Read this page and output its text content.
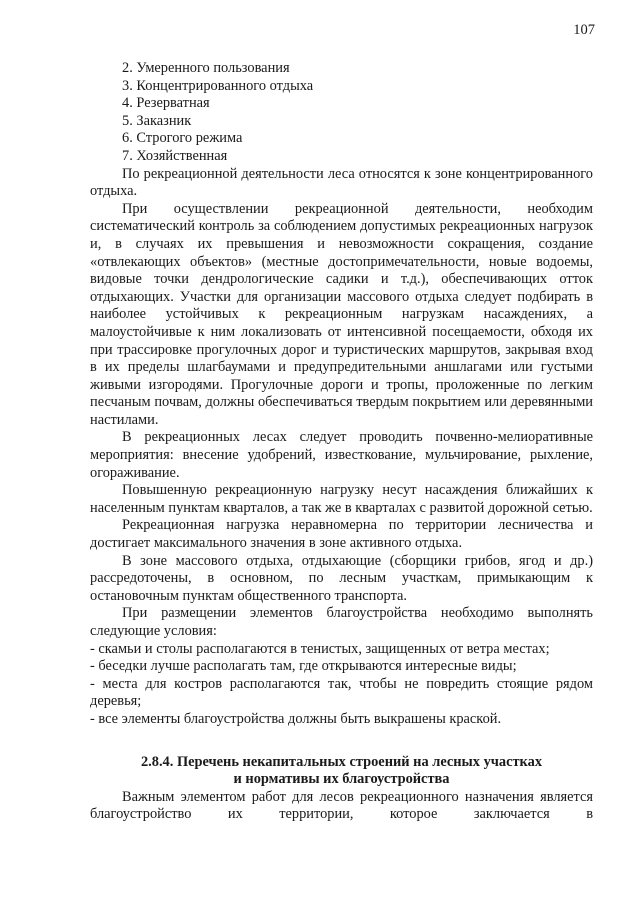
107
2. Умеренного пользования
3. Концентрированного отдыха
4. Резерватная
5. Заказник
6. Строгого режима
7. Хозяйственная

По рекреационной деятельности леса относятся к зоне концентрированного отдыха.

При осуществлении рекреационной деятельности, необходим систематический контроль за соблюдением допустимых рекреационных нагрузок и, в случаях их превышения и невозможности сокращения, создание «отвлекающих объектов» (местные достопримечательности, новые водоемы, видовые точки дендрологические садики и т.д.), обеспечивающих отток отдыхающих. Участки для организации массового отдыха следует подбирать в наиболее устойчивых к рекреационным нагрузкам насаждениях, а малоустойчивые к ним локализовать от интенсивной посещаемости, обходя их при трассировке прогулочных дорог и туристических маршрутов, закрывая вход в их пределы шлагбаумами и предупредительными аншлагами или густыми живыми изгородями. Прогулочные дороги и тропы, проложенные по легким песчаным почвам, должны обеспечиваться твердым покрытием или деревянными настилами.

В рекреационных лесах следует проводить почвенно-мелиоративные мероприятия: внесение удобрений, известкование, мульчирование, рыхление, огораживание.

Повышенную рекреационную нагрузку несут насаждения ближайших к населенным пунктам кварталов, а так же в кварталах с развитой дорожной сетью.

Рекреационная нагрузка неравномерна по территории лесничества и достигает максимального значения в зоне активного отдыха.

В зоне массового отдыха, отдыхающие (сборщики грибов, ягод и др.) рассредоточены, в основном, по лесным участкам, примыкающим к остановочным пунктам общественного транспорта.

При размещении элементов благоустройства необходимо выполнять следующие условия:

- скамьи и столы располагаются в тенистых, защищенных от ветра местах;

- беседки лучше располагать там, где открываются интересные виды;

- места для костров располагаются так, чтобы не повредить стоящие рядом деревья;

- все элементы благоустройства должны быть выкрашены краской.

2.8.4. Перечень некапитальных строений на лесных участках

и нормативы их благоустройства

Важным элементом работ для лесов рекреационного назначения является благоустройство их территории, которое заключается в
